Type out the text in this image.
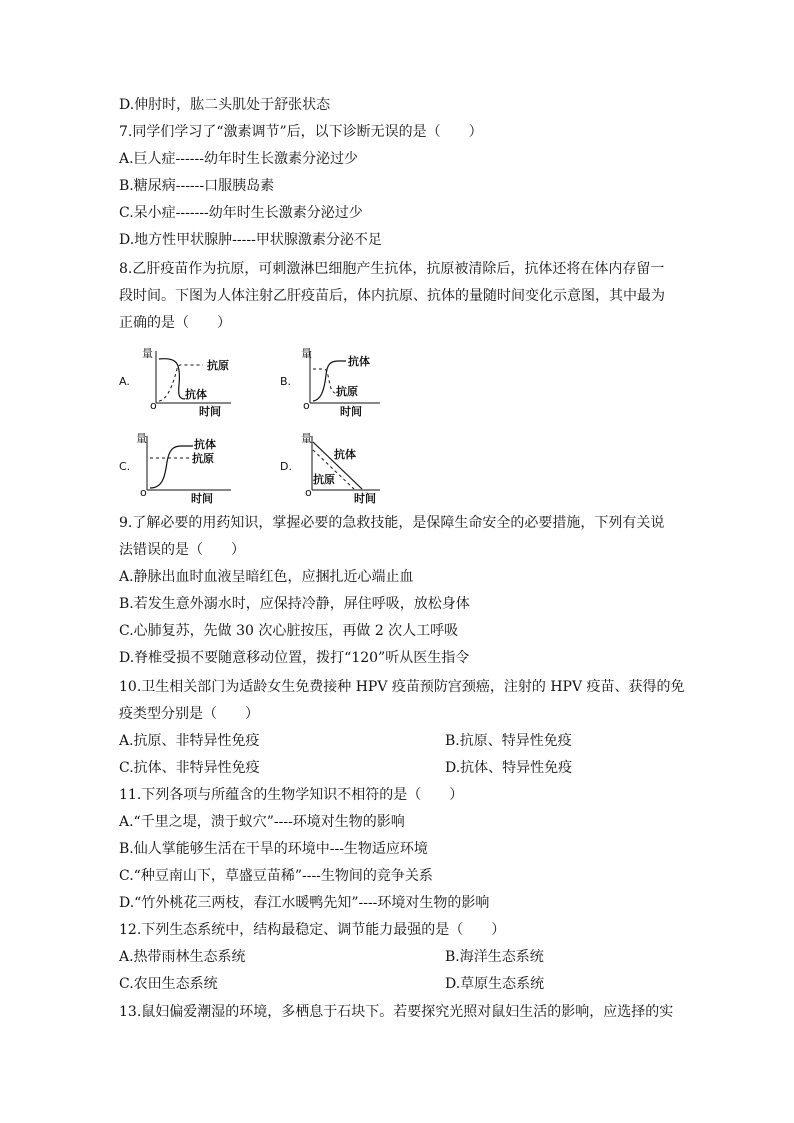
D.伸肘时，肱二头肌处于舒张状态
7.同学们学习了“激素调节”后，以下诊断无误的是（　　）
A.巨人症------幼年时生长激素分泌过少
B.糖尿病------口服胰岛素
C.呆小症-------幼年时生长激素分泌过少
D.地方性甲状腺肿-----甲状腺激素分泌不足
8.乙肝疫苗作为抗原，可刺激淋巴细胞产生抗体，抗原被清除后，抗体还将在体内存留一
段时间。下图为人体注射乙肝疫苗后，体内抗原、抗体的量随时间变化示意图，其中最为
正确的是（　　）
A.
量
o
抗原
抗体
时间
B.
量
o
抗体
抗原
时间
C.
量
o
抗体
抗原
时间
D.
量
o
抗体
抗原
时间
9.了解必要的用药知识，掌握必要的急救技能，是保障生命安全的必要措施，下列有关说
法错误的是（　　）
A.静脉出血时血液呈暗红色，应捆扎近心端止血
B.若发生意外溺水时，应保持冷静，屏住呼吸，放松身体
C.心肺复苏，先做 30 次心脏按压，再做 2 次人工呼吸
D.脊椎受损不要随意移动位置，拨打“120”听从医生指令
10.卫生相关部门为适龄女生免费接种 HPV 疫苗预防宫颈癌，注射的 HPV 疫苗、获得的免
疫类型分别是（　　）
A.抗原、非特异性免疫	B.抗原、特异性免疫
C.抗体、非特异性免疫	D.抗体、特异性免疫
11.下列各项与所蕴含的生物学知识不相符的是（　　）
A.“千里之堤，溃于蚁穴”----环境对生物的影响
B.仙人掌能够生活在干旱的环境中---生物适应环境
C.“种豆南山下，草盛豆苗稀”----生物间的竞争关系
D.“竹外桃花三两枝，春江水暖鸭先知”----环境对生物的影响
12.下列生态系统中，结构最稳定、调节能力最强的是（　　）
A.热带雨林生态系统	B.海洋生态系统
C.农田生态系统	D.草原生态系统
13.鼠妇偏爱潮湿的环境，多栖息于石块下。若要探究光照对鼠妇生活的影响，应选择的实
